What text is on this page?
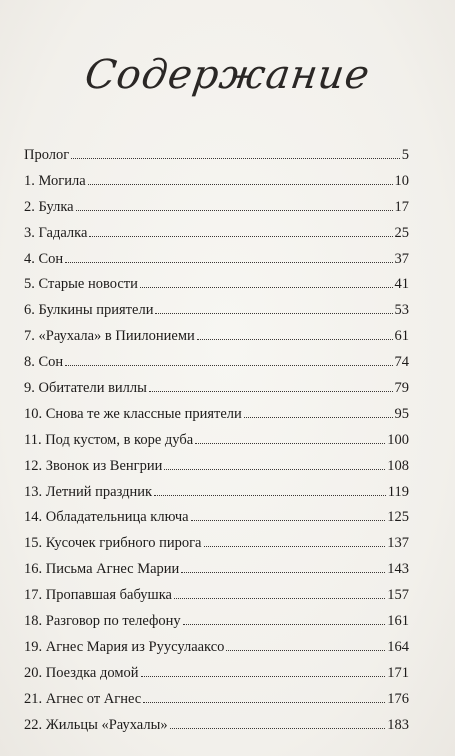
Содержание
Пролог	5
1. Могила	10
2. Булка	17
3. Гадалка	25
4. Сон	37
5. Старые новости	41
6. Булкины приятели	53
7. «Раухала» в Пиилониеми	61
8. Сон	74
9. Обитатели виллы	79
10. Снова те же классные приятели	95
11. Под кустом, в коре дуба	100
12. Звонок из Венгрии	108
13. Летний праздник	119
14. Обладательница ключа	125
15. Кусочек грибного пирога	137
16. Письма Агнес Марии	143
17. Пропавшая бабушка	157
18. Разговор по телефону	161
19. Агнес Мария из Руусулааксо	164
20. Поездка домой	171
21. Агнес от Агнес	176
22. Жильцы «Раухалы»	183
